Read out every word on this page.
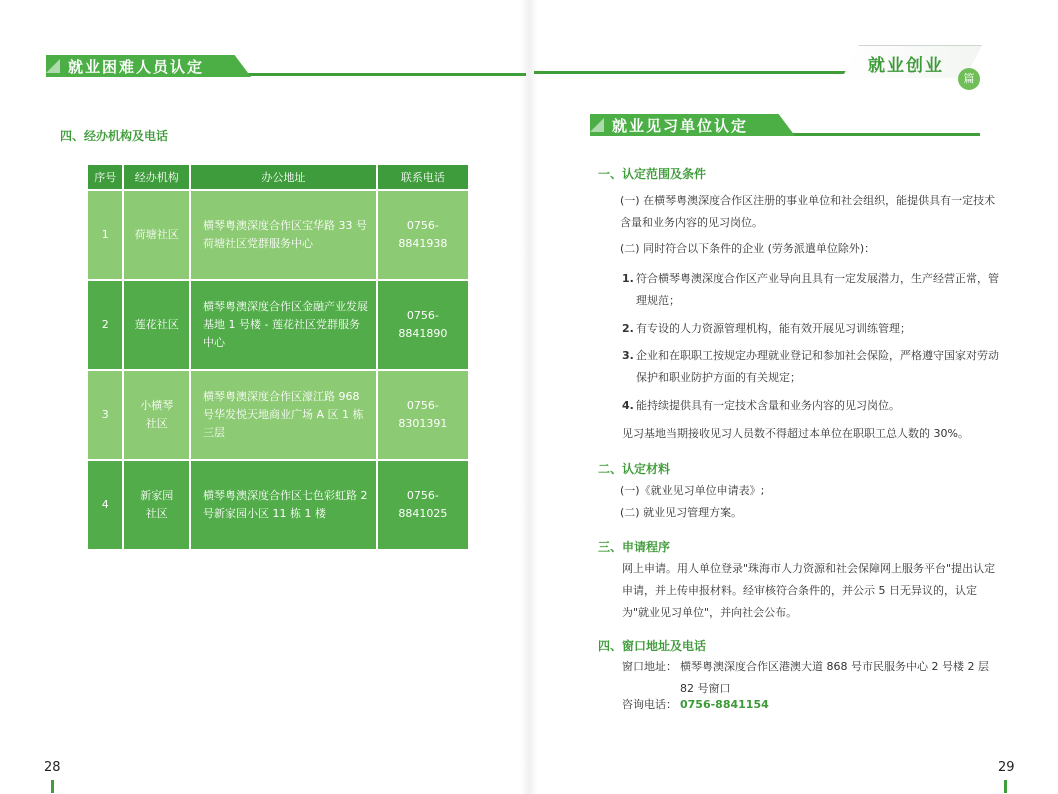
就业困难人员认定	就业创业
篇
四、经办机构及电话
序号	经办机构	办公地址	联系电话
1	荷塘社区	横琴粤澳深度合作区宝华路 33 号荷塘社区党群服务中心	0756-8841938
2	莲花社区	横琴粤澳深度合作区金融产业发展基地 1 号楼 - 莲花社区党群服务中心	0756-8841890
3	小横琴社区	横琴粤澳深度合作区濠江路 968 号华发悦天地商业广场 A 区 1 栋三层	0756-8301391
4	新家园社区	横琴粤澳深度合作区七色彩虹路 2 号新家园小区 11 栋 1 楼	0756-8841025
就业见习单位认定
一、认定范围及条件
(一) 在横琴粤澳深度合作区注册的事业单位和社会组织，能提供具有一定技术含量和业务内容的见习岗位。
(二) 同时符合以下条件的企业 (劳务派遣单位除外)：
1. 符合横琴粤澳深度合作区产业导向且具有一定发展潜力，生产经营正常，管理规范；
2. 有专设的人力资源管理机构，能有效开展见习训练管理；
3. 企业和在职职工按规定办理就业登记和参加社会保险，严格遵守国家对劳动保护和职业防护方面的有关规定；
4. 能持续提供具有一定技术含量和业务内容的见习岗位。
见习基地当期接收见习人员数不得超过本单位在职职工总人数的 30%。
二、认定材料
(一)《就业见习单位申请表》;
(二) 就业见习管理方案。
三、申请程序
网上申请。用人单位登录"珠海市人力资源和社会保障网上服务平台"提出认定申请，并上传申报材料。经审核符合条件的，并公示 5 日无异议的，认定为"就业见习单位"，并向社会公布。
四、窗口地址及电话
窗口地址： 横琴粤澳深度合作区港澳大道 868 号市民服务中心 2 号楼 2 层 82 号窗口
咨询电话： 0756-8841154
28	29
